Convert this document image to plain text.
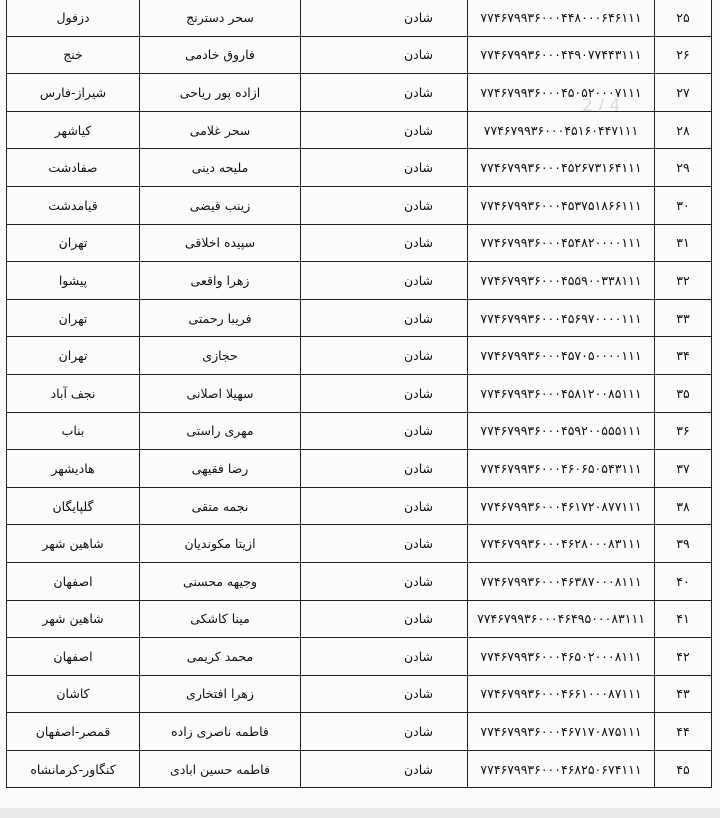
۲۵	۷۷۴۶۷۹۹۳۶۰۰۰۴۴۸۰۰۰۶۴۶۱۱۱	شادن	سحر دسترنج	دزفول
۲۶	۷۷۴۶۷۹۹۳۶۰۰۰۴۴۹۰۷۷۴۴۳۱۱۱	شادن	فاروق خادمی	خنج
۲۷	۷۷۴۶۷۹۹۳۶۰۰۰۴۵۰۵۲۰۰۰۷۱۱۱	شادن	ازاده پور ریاحی	شیراز-فارس
۲۸	۷۷۴۶۷۹۹۳۶۰۰۰۴۵۱۶۰۴۴۷۱۱۱	شادن	سحر غلامی	کیاشهر
۲۹	۷۷۴۶۷۹۹۳۶۰۰۰۴۵۲۶۷۳۱۶۴۱۱۱	شادن	ملیحه دینی	صفادشت
۳۰	۷۷۴۶۷۹۹۳۶۰۰۰۴۵۳۷۵۱۸۶۶۱۱۱	شادن	زینب فیضی	قیامدشت
۳۱	۷۷۴۶۷۹۹۳۶۰۰۰۴۵۴۸۲۰۰۰۰۱۱۱	شادن	سپیده اخلاقی	تهران
۳۲	۷۷۴۶۷۹۹۳۶۰۰۰۴۵۵۹۰۰۳۳۸۱۱۱	شادن	زهرا واقعی	پیشوا
۳۳	۷۷۴۶۷۹۹۳۶۰۰۰۴۵۶۹۷۰۰۰۰۱۱۱	شادن	فریبا رحمتی	تهران
۳۴	۷۷۴۶۷۹۹۳۶۰۰۰۴۵۷۰۵۰۰۰۰۱۱۱	شادن	حجازی	تهران
۳۵	۷۷۴۶۷۹۹۳۶۰۰۰۴۵۸۱۲۰۰۸۵۱۱۱	شادن	سهیلا اصلانی	نجف آباد
۳۶	۷۷۴۶۷۹۹۳۶۰۰۰۴۵۹۲۰۰۵۵۵۱۱۱	شادن	مهری راستی	بناب
۳۷	۷۷۴۶۷۹۹۳۶۰۰۰۴۶۰۶۵۰۵۴۳۱۱۱	شادن	رضا فقیهی	هادیشهر
۳۸	۷۷۴۶۷۹۹۳۶۰۰۰۴۶۱۷۲۰۸۷۷۱۱۱	شادن	نجمه متقی	گلپایگان
۳۹	۷۷۴۶۷۹۹۳۶۰۰۰۴۶۲۸۰۰۰۸۳۱۱۱	شادن	ازیتا مکوندیان	شاهین شهر
۴۰	۷۷۴۶۷۹۹۳۶۰۰۰۴۶۳۸۷۰۰۰۸۱۱۱	شادن	وجیهه محسنی	اصفهان
۴۱	۷۷۴۶۷۹۹۳۶۰۰۰۴۶۴۹۵۰۰۰۸۳۱۱۱	شادن	مینا کاشکی	شاهین شهر
۴۲	۷۷۴۶۷۹۹۳۶۰۰۰۴۶۵۰۲۰۰۰۸۱۱۱	شادن	محمد کریمی	اصفهان
۴۳	۷۷۴۶۷۹۹۳۶۰۰۰۴۶۶۱۰۰۰۸۷۱۱۱	شادن	زهرا افتخاری	کاشان
۴۴	۷۷۴۶۷۹۹۳۶۰۰۰۴۶۷۱۷۰۸۷۵۱۱۱	شادن	فاطمه ناصری زاده	قمصر-اصفهان
۴۵	۷۷۴۶۷۹۹۳۶۰۰۰۴۶۸۲۵۰۶۷۴۱۱۱	شادن	فاطمه حسین ابادی	کنگاور-کرمانشاه
2 / 4
